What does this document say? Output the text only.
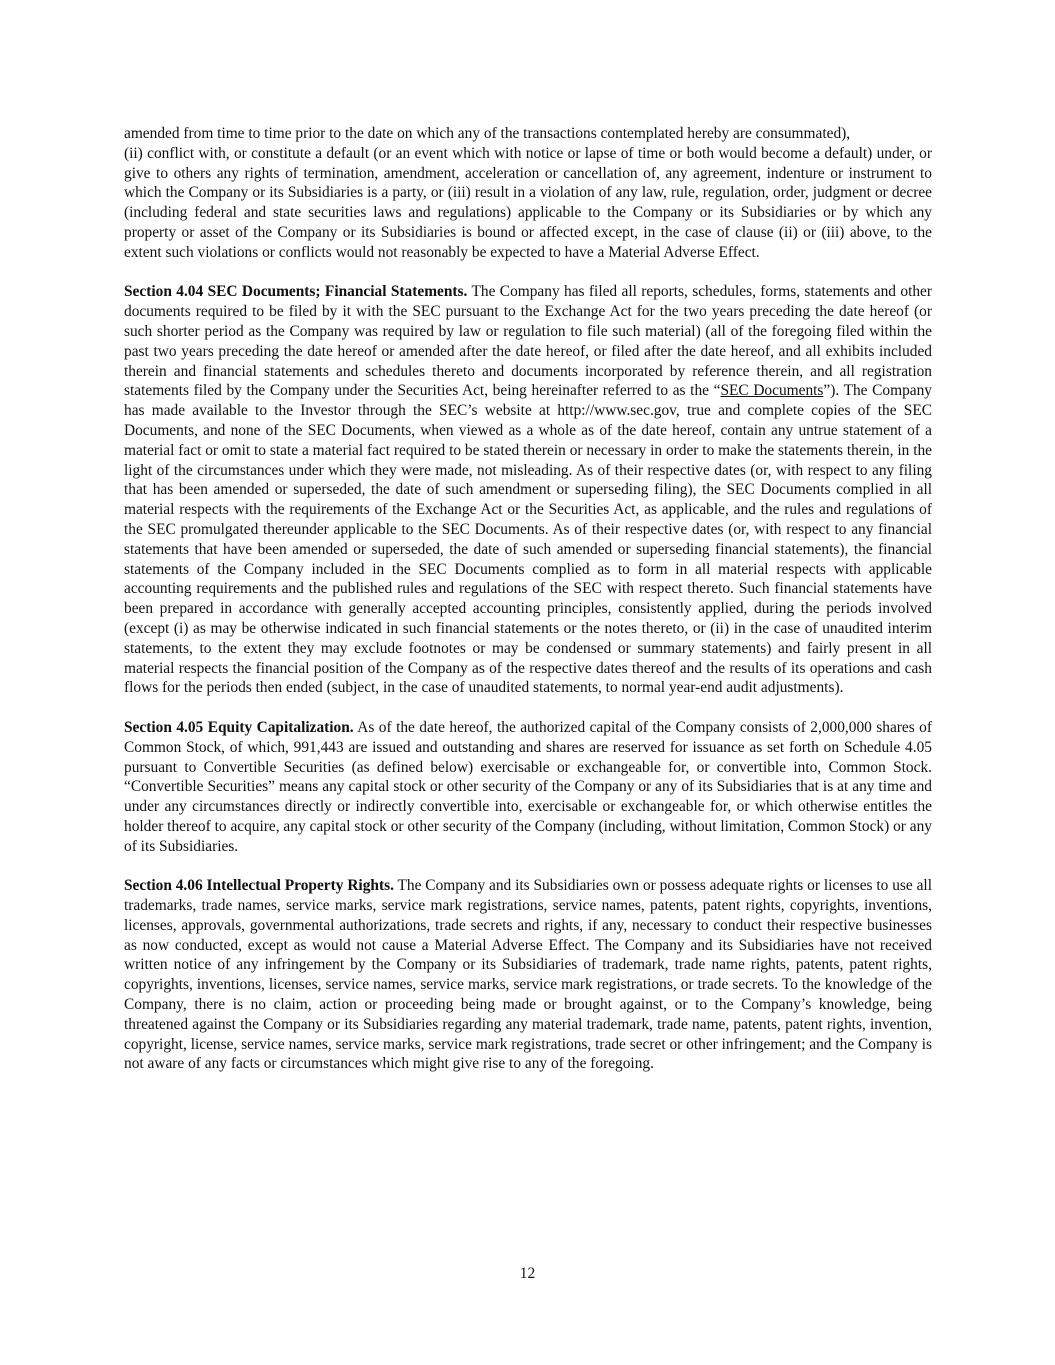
amended from time to time prior to the date on which any of the transactions contemplated hereby are consummated),

(ii) conflict with, or constitute a default (or an event which with notice or lapse of time or both would become a default) under, or give to others any rights of termination, amendment, acceleration or cancellation of, any agreement, indenture or instrument to which the Company or its Subsidiaries is a party, or (iii) result in a violation of any law, rule, regulation, order, judgment or decree (including federal and state securities laws and regulations) applicable to the Company or its Subsidiaries or by which any property or asset of the Company or its Subsidiaries is bound or affected except, in the case of clause (ii) or (iii) above, to the extent such violations or conflicts would not reasonably be expected to have a Material Adverse Effect.

Section 4.04 SEC Documents; Financial Statements. The Company has filed all reports, schedules, forms, statements and other documents required to be filed by it with the SEC pursuant to the Exchange Act for the two years preceding the date hereof (or such shorter period as the Company was required by law or regulation to file such material) (all of the foregoing filed within the past two years preceding the date hereof or amended after the date hereof, or filed after the date hereof, and all exhibits included therein and financial statements and schedules thereto and documents incorporated by reference therein, and all registration statements filed by the Company under the Securities Act, being hereinafter referred to as the “SEC Documents”). The Company has made available to the Investor through the SEC’s website at http://www.sec.gov, true and complete copies of the SEC Documents, and none of the SEC Documents, when viewed as a whole as of the date hereof, contain any untrue statement of a material fact or omit to state a material fact required to be stated therein or necessary in order to make the statements therein, in the light of the circumstances under which they were made, not misleading. As of their respective dates (or, with respect to any filing that has been amended or superseded, the date of such amendment or superseding filing), the SEC Documents complied in all material respects with the requirements of the Exchange Act or the Securities Act, as applicable, and the rules and regulations of the SEC promulgated thereunder applicable to the SEC Documents. As of their respective dates (or, with respect to any financial statements that have been amended or superseded, the date of such amended or superseding financial statements), the financial statements of the Company included in the SEC Documents complied as to form in all material respects with applicable accounting requirements and the published rules and regulations of the SEC with respect thereto. Such financial statements have been prepared in accordance with generally accepted accounting principles, consistently applied, during the periods involved (except (i) as may be otherwise indicated in such financial statements or the notes thereto, or (ii) in the case of unaudited interim statements, to the extent they may exclude footnotes or may be condensed or summary statements) and fairly present in all material respects the financial position of the Company as of the respective dates thereof and the results of its operations and cash flows for the periods then ended (subject, in the case of unaudited statements, to normal year-end audit adjustments).

Section 4.05 Equity Capitalization. As of the date hereof, the authorized capital of the Company consists of 2,000,000 shares of Common Stock, of which, 991,443 are issued and outstanding and shares are reserved for issuance as set forth on Schedule 4.05 pursuant to Convertible Securities (as defined below) exercisable or exchangeable for, or convertible into, Common Stock. “Convertible Securities” means any capital stock or other security of the Company or any of its Subsidiaries that is at any time and under any circumstances directly or indirectly convertible into, exercisable or exchangeable for, or which otherwise entitles the holder thereof to acquire, any capital stock or other security of the Company (including, without limitation, Common Stock) or any of its Subsidiaries.

Section 4.06 Intellectual Property Rights. The Company and its Subsidiaries own or possess adequate rights or licenses to use all trademarks, trade names, service marks, service mark registrations, service names, patents, patent rights, copyrights, inventions, licenses, approvals, governmental authorizations, trade secrets and rights, if any, necessary to conduct their respective businesses as now conducted, except as would not cause a Material Adverse Effect. The Company and its Subsidiaries have not received written notice of any infringement by the Company or its Subsidiaries of trademark, trade name rights, patents, patent rights, copyrights, inventions, licenses, service names, service marks, service mark registrations, or trade secrets. To the knowledge of the Company, there is no claim, action or proceeding being made or brought against, or to the Company’s knowledge, being threatened against the Company or its Subsidiaries regarding any material trademark, trade name, patents, patent rights, invention, copyright, license, service names, service marks, service mark registrations, trade secret or other infringement; and the Company is not aware of any facts or circumstances which might give rise to any of the foregoing.

12
